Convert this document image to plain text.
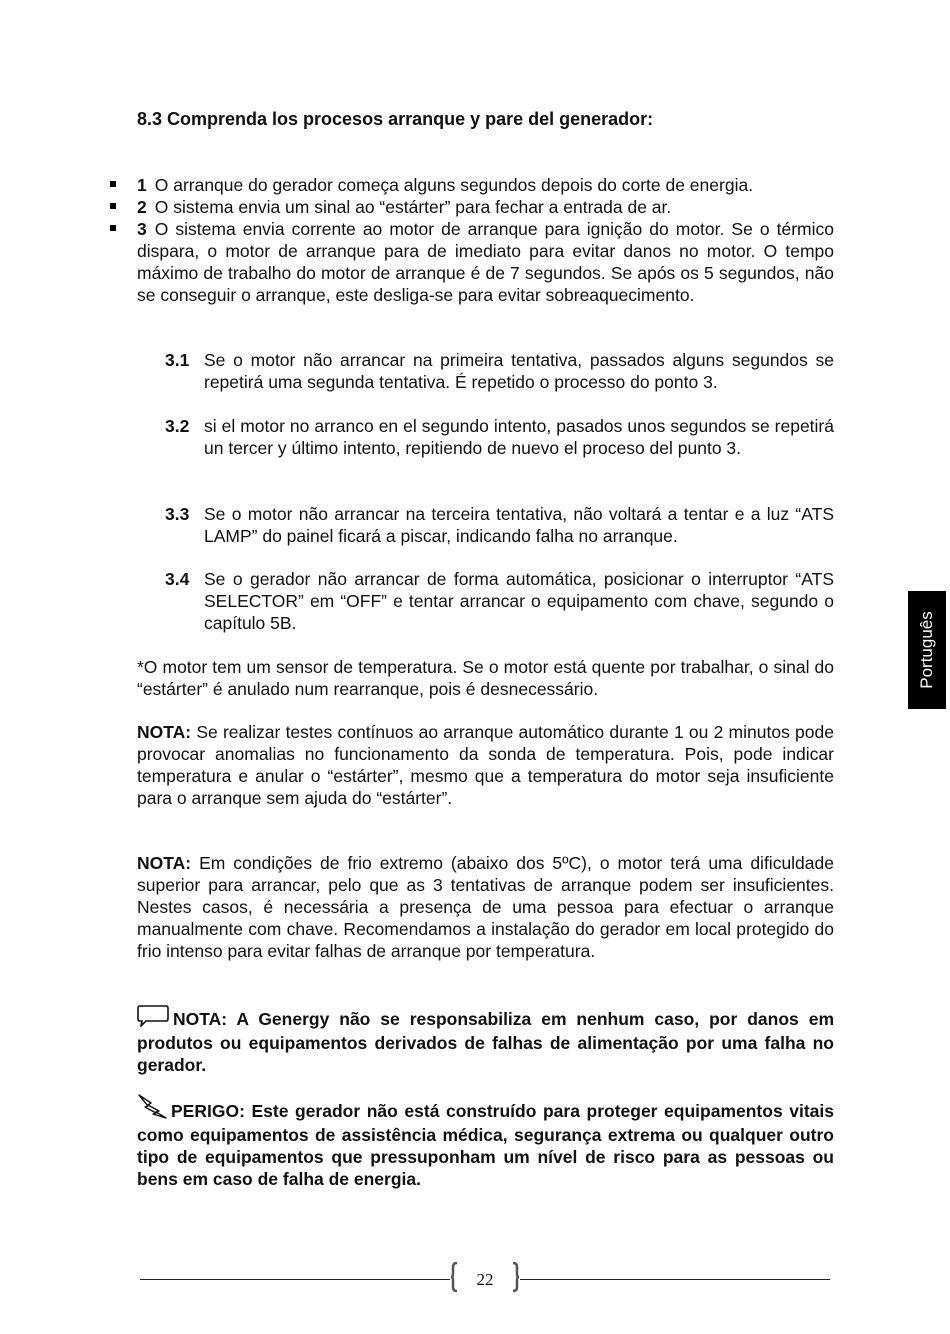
8.3 Comprenda los procesos arranque y pare del generador:
1 O arranque do gerador começa alguns segundos depois do corte de energia.
2 O sistema envia um sinal ao “estárter” para fechar a entrada de ar.
3 O sistema envia corrente ao motor de arranque para ignição do motor. Se o térmico dispara, o motor de arranque para de imediato para evitar danos no motor. O tempo máximo de trabalho do motor de arranque é de 7 segundos. Se após os 5 segundos, não se conseguir o arranque, este desliga-se para evitar sobreaquecimento.
3.1 Se o motor não arrancar na primeira tentativa, passados alguns segundos se repetirá uma segunda tentativa. É repetido o processo do ponto 3.
3.2 si el motor no arranco en el segundo intento, pasados unos segundos se repetirá un tercer y último intento, repitiendo de nuevo el proceso del punto 3.
3.3 Se o motor não arrancar na terceira tentativa, não voltará a tentar e a luz “ATS LAMP” do painel ficará a piscar, indicando falha no arranque.
3.4 Se o gerador não arrancar de forma automática, posicionar o interruptor “ATS SELECTOR” em “OFF” e tentar arrancar o equipamento com chave, segundo o capítulo 5B.
*O motor tem um sensor de temperatura. Se o motor está quente por trabalhar, o sinal do “estárter” é anulado num rearranque, pois é desnecessário.
NOTA: Se realizar testes contínuos ao arranque automático durante 1 ou 2 minutos pode provocar anomalias no funcionamento da sonda de temperatura. Pois, pode indicar temperatura e anular o “estárter”, mesmo que a temperatura do motor seja insuficiente para o arranque sem ajuda do “estárter”.
NOTA: Em condições de frio extremo (abaixo dos 5ºC), o motor terá uma dificuldade superior para arrancar, pelo que as 3 tentativas de arranque podem ser insuficientes. Nestes casos, é necessária a presença de uma pessoa para efectuar o arranque manualmente com chave. Recomendamos a instalação do gerador em local protegido do frio intenso para evitar falhas de arranque por temperatura.
NOTA: A Genergy não se responsabiliza em nenhum caso, por danos em produtos ou equipamentos derivados de falhas de alimentação por uma falha no gerador.
PERIGO: Este gerador não está construído para proteger equipamentos vitais como equipamentos de assistência médica, segurança extrema ou qualquer outro tipo de equipamentos que pressuponham um nível de risco para as pessoas ou bens em caso de falha de energia.
Português
22
